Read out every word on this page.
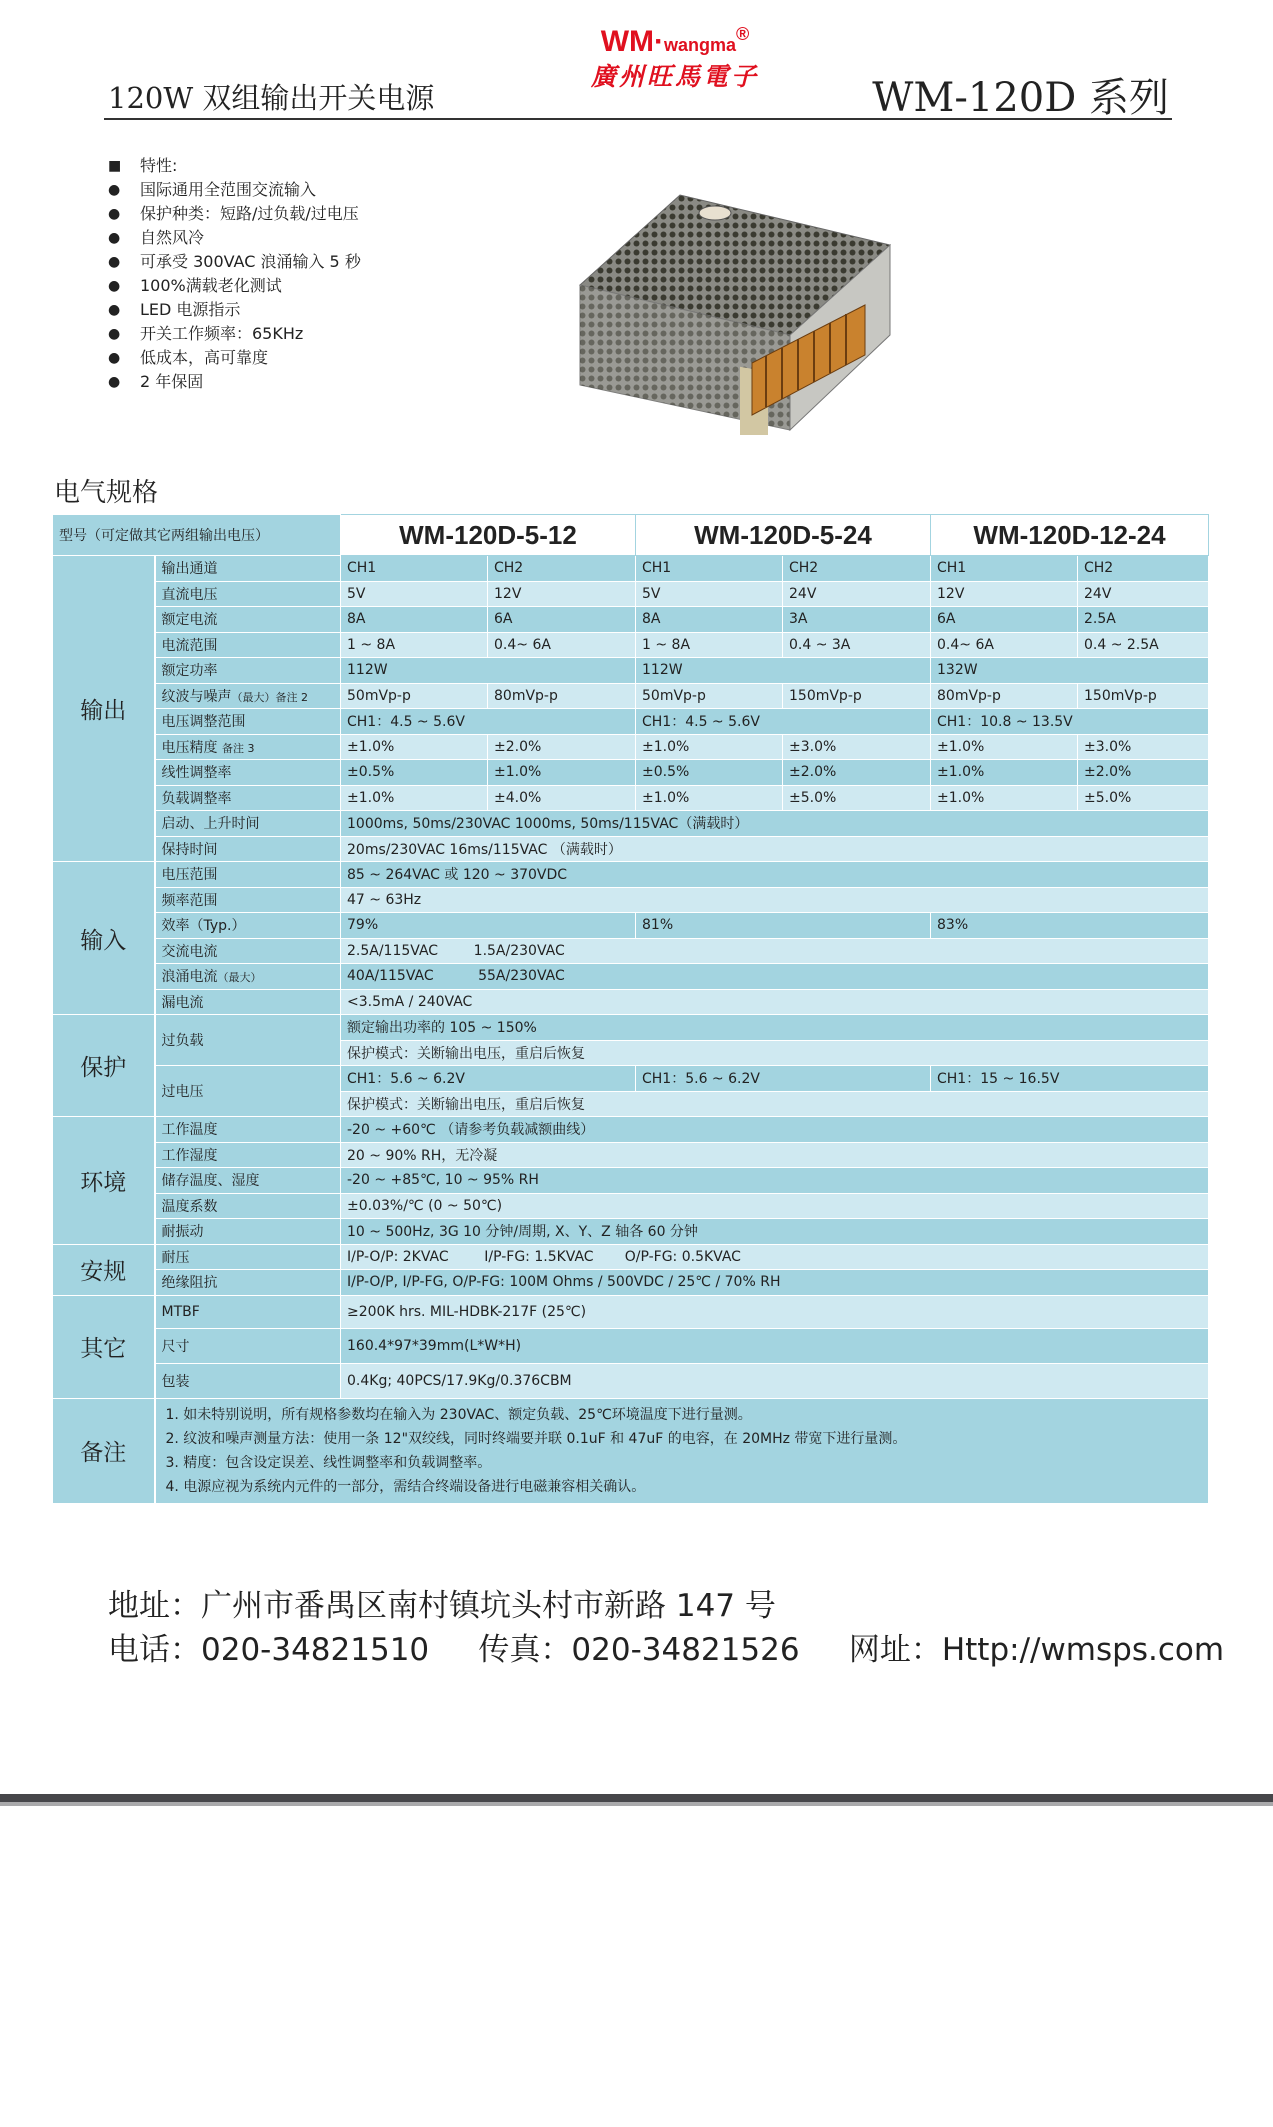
120W 双组输出开关电源
WM·wangma®
廣州旺馬電子	WM-120D 系列
■	特性:
●	国际通用全范围交流输入
●	保护种类：短路/过负载/过电压
●	自然风冷
●	可承受 300VAC 浪涌输入 5 秒
●	100%满载老化测试
●	LED 电源指示
●	开关工作频率：65KHz
●	低成本，高可靠度
●	2 年保固
电气规格
型号（可定做其它两组输出电压）		WM-120D-5-12		WM-120D-5-24		WM-120D-12-24	
输出	输出通道	CH1	CH2	CH1	CH2	CH1	CH2
	直流电压	5V	12V	5V	24V	12V	24V
	额定电流	8A	6A	8A	3A	6A	2.5A
	电流范围	1 ~ 8A	0.4~ 6A	1 ~ 8A	0.4 ~ 3A	0.4~ 6A	0.4 ~ 2.5A
	额定功率	112W		112W		132W	
	纹波与噪声（最大）备注 2	50mVp-p	80mVp-p	50mVp-p	150mVp-p	80mVp-p	150mVp-p
	电压调整范围	CH1：4.5 ~ 5.6V		CH1：4.5 ~ 5.6V		CH1：10.8 ~ 13.5V	
	电压精度 备注 3	±1.0%	±2.0%	±1.0%	±3.0%	±1.0%	±3.0%
	线性调整率	±0.5%	±1.0%	±0.5%	±2.0%	±1.0%	±2.0%
	负载调整率	±1.0%	±4.0%	±1.0%	±5.0%	±1.0%	±5.0%
	启动、上升时间	1000ms, 50ms/230VAC 1000ms, 50ms/115VAC（满载时）					
	保持时间	20ms/230VAC 16ms/115VAC （满载时）					
输入	电压范围	85 ~ 264VAC 或 120 ~ 370VDC					
	频率范围	47 ~ 63Hz					
	效率（Typ.）	79%		81%		83%	
	交流电流	2.5A/115VAC        1.5A/230VAC					
	浪涌电流（最大）	40A/115VAC          55A/230VAC					
	漏电流	<3.5mA / 240VAC					
保护	过负载	额定输出功率的 105 ~ 150%					
		保护模式：关断输出电压，重启后恢复					
	过电压	CH1：5.6 ~ 6.2V		CH1：5.6 ~ 6.2V		CH1：15 ~ 16.5V	
		保护模式：关断输出电压，重启后恢复					
环境	工作温度	-20 ~ +60℃ （请参考负载减额曲线）					
	工作湿度	20 ~ 90% RH，无冷凝					
	储存温度、湿度	-20 ~ +85℃, 10 ~ 95% RH					
	温度系数	±0.03%/℃ (0 ~ 50℃)					
	耐振动	10 ~ 500Hz, 3G 10 分钟/周期, X、Y、Z 轴各 60 分钟					
安规	耐压	I/P-O/P: 2KVAC        I/P-FG: 1.5KVAC       O/P-FG: 0.5KVAC					
	绝缘阻抗	I/P-O/P, I/P-FG, O/P-FG: 100M Ohms / 500VDC / 25℃ / 70% RH					
其它	MTBF	≥200K hrs. MIL-HDBK-217F (25℃)					
	尺寸	160.4*97*39mm(L*W*H)					
	包装	0.4Kg; 40PCS/17.9Kg/0.376CBM					
备注	1. 如未特别说明，所有规格参数均在输入为 230VAC、额定负载、25℃环境温度下进行量测。
2. 纹波和噪声测量方法：使用一条 12"双绞线，同时终端要并联 0.1uF 和 47uF 的电容，在 20MHz 带宽下进行量测。
3. 精度：包含设定误差、线性调整率和负载调整率。
4. 电源应视为系统内元件的一部分，需结合终端设备进行电磁兼容相关确认。						
地址：广州市番禺区南村镇坑头村市新路 147 号
电话：020-34821510     传真：020-34821526     网址：Http://wmsps.com
